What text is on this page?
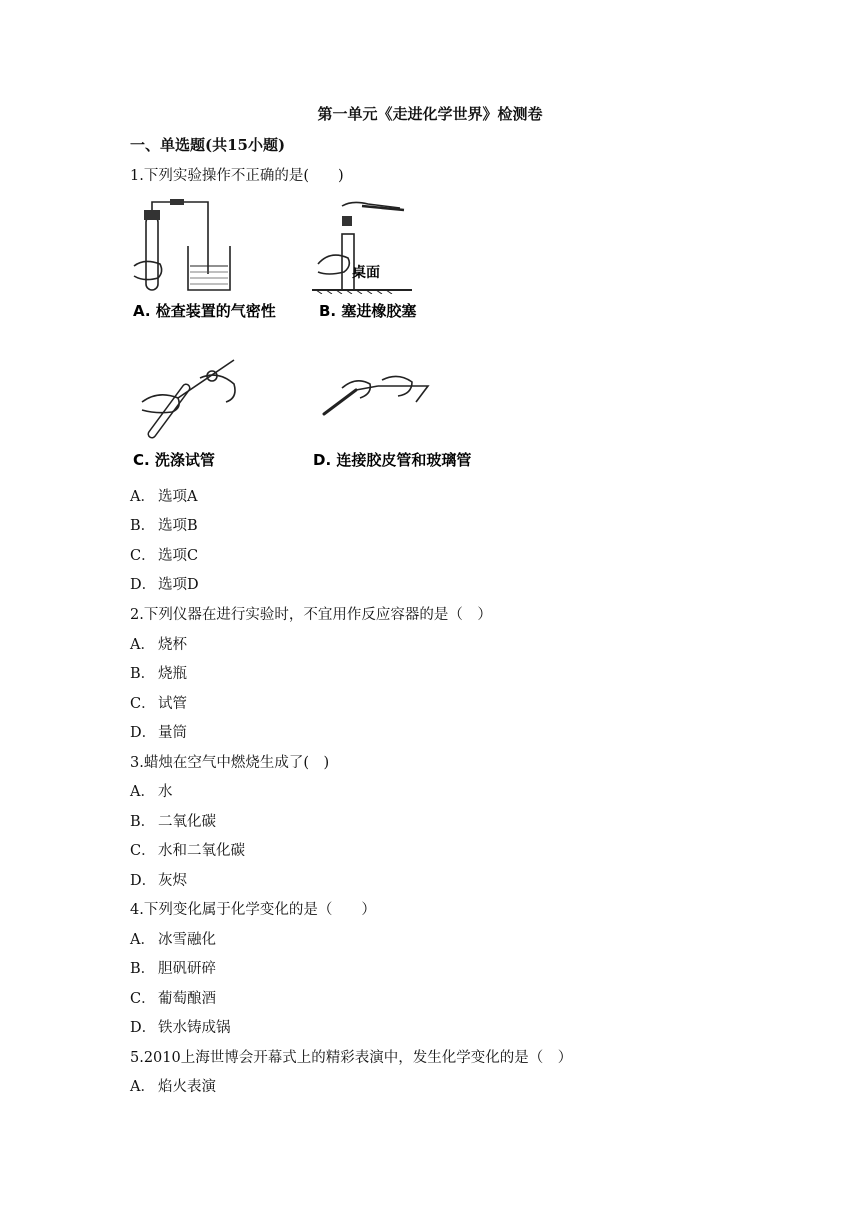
第一单元《走进化学世界》检测卷
一、单选题(共15小题)
1.下列实验操作不正确的是(　　)
A. 检查装置的气密性
桌面
B. 塞进橡胶塞
C. 洗涤试管	D. 连接胶皮管和玻璃管
A． 选项A
B． 选项B
C． 选项C
D． 选项D
2.下列仪器在进行实验时，不宜用作反应容器的是（　）
A． 烧杯
B． 烧瓶
C． 试管
D． 量筒
3.蜡烛在空气中燃烧生成了(　)
A． 水
B． 二氧化碳
C． 水和二氧化碳
D． 灰烬
4.下列变化属于化学变化的是（　　）
A． 冰雪融化
B． 胆矾研碎
C． 葡萄酿酒
D． 铁水铸成锅
5.2010上海世博会开幕式上的精彩表演中，发生化学变化的是（　）
A． 焰火表演
